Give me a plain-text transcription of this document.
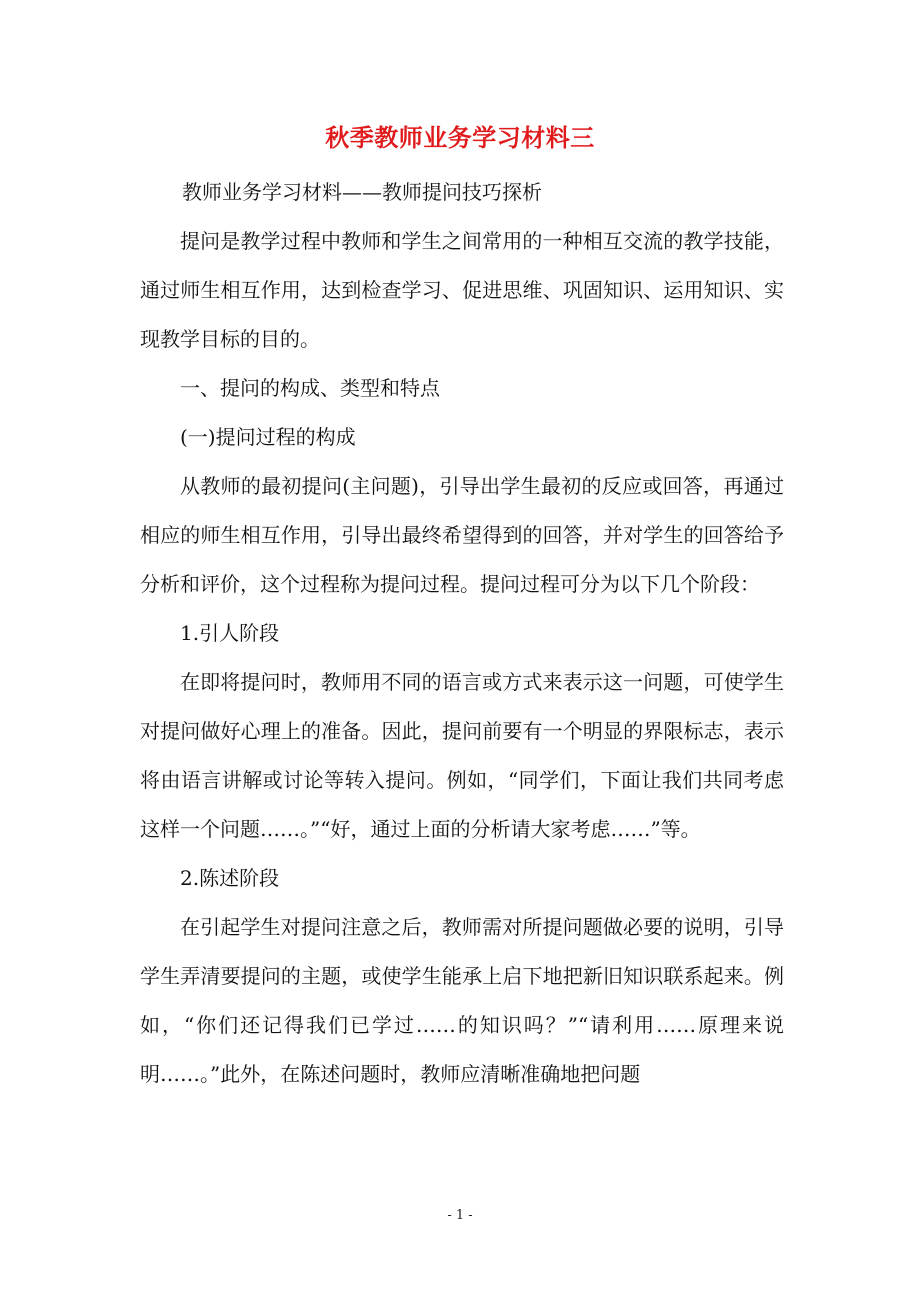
秋季教师业务学习材料三

教师业务学习材料——教师提问技巧探析

提问是教学过程中教师和学生之间常用的一种相互交流的教学技能，通过师生相互作用，达到检查学习、促进思维、巩固知识、运用知识、实现教学目标的目的。

一、提问的构成、类型和特点

(一)提问过程的构成

从教师的最初提问(主问题)，引导出学生最初的反应或回答，再通过相应的师生相互作用，引导出最终希望得到的回答，并对学生的回答给予分析和评价，这个过程称为提问过程。提问过程可分为以下几个阶段：

1.引人阶段

在即将提问时，教师用不同的语言或方式来表示这一问题，可使学生对提问做好心理上的准备。因此，提问前要有一个明显的界限标志，表示将由语言讲解或讨论等转入提问。例如，“同学们，下面让我们共同考虑这样一个问题……。”“好，通过上面的分析请大家考虑……”等。

2.陈述阶段

在引起学生对提问注意之后，教师需对所提问题做必要的说明，引导学生弄清要提问的主题，或使学生能承上启下地把新旧知识联系起来。例如，“你们还记得我们已学过……的知识吗？”“请利用……原理来说明……。”此外，在陈述问题时，教师应清晰准确地把问题

- 1 -
